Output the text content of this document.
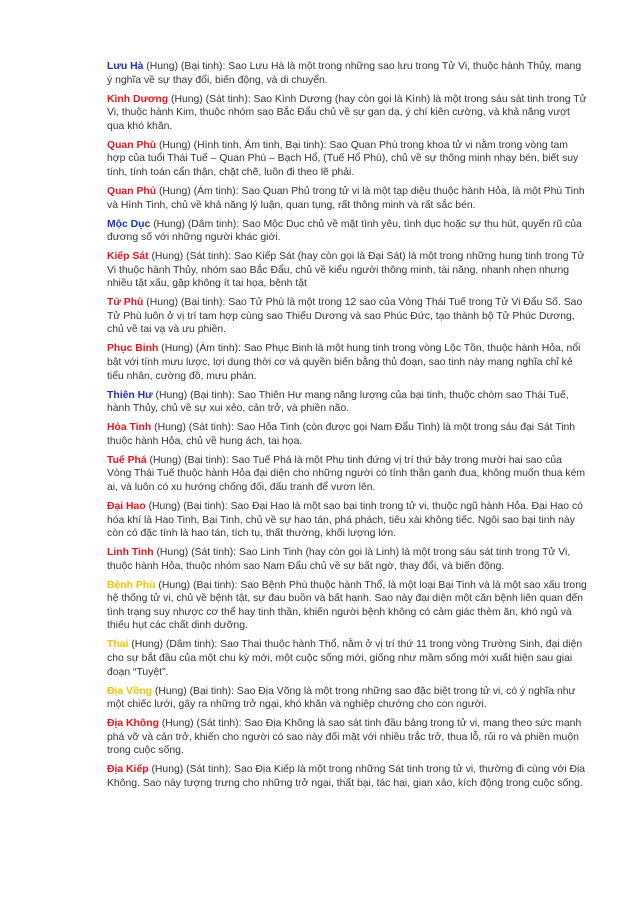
Lưu Hà (Hung) (Bại tinh): Sao Lưu Hà là một trong những sao lưu trong Tử Vi, thuộc hành Thủy, mang ý nghĩa về sự thay đổi, biến động, và di chuyển.

Kình Dương (Hung) (Sát tinh): Sao Kình Dương (hay còn gọi là Kình) là một trong sáu sát tinh trong Tử Vi, thuộc hành Kim, thuộc nhóm sao Bắc Đẩu chủ về sự gan dạ, ý chí kiên cường, và khả năng vượt qua khó khăn.

Quan Phù (Hung) (Hình tinh, Ám tinh, Bại tinh): Sao Quan Phù trong khoa tử vi nằm trong vòng tam hợp của tuổi Thái Tuế – Quan Phù – Bạch Hổ, (Tuế Hổ Phù), chủ về sự thông minh nhạy bén, biết suy tính, tính toán cẩn thận, chặt chẽ, luôn đi theo lẽ phải.

Quan Phủ (Hung) (Ám tinh): Sao Quan Phủ trong tử vi là một tạp diệu thuộc hành Hỏa, là một Phù Tinh và Hình Tinh, chủ về khả năng lý luận, quan tụng, rất thông minh và rất sắc bén.

Mộc Dục (Hung) (Dâm tinh): Sao Mộc Dục chủ về mặt tình yêu, tình dục hoặc sự thu hút, quyến rũ của đương số với những người khác giới.

Kiếp Sát (Hung) (Sát tinh): Sao Kiếp Sát (hay còn gọi là Đại Sát) là một trong những hung tinh trong Tử Vi thuộc hành Thủy, nhóm sao Bắc Đẩu, chủ về kiểu người thông minh, tài năng, nhanh nhẹn nhưng nhiều tật xấu, gặp không ít tai họa, bệnh tật

Tử Phù (Hung) (Bại tinh): Sao Tử Phù là một trong 12 sao của Vòng Thái Tuế trong Tử Vi Đẩu Số. Sao Tử Phù luôn ở vị trí tam hợp cùng sao Thiếu Dương và sao Phúc Đức, tạo thành bộ Tử Phúc Dương, chủ về tai vạ và ưu phiền.

Phục Binh (Hung) (Ám tinh): Sao Phục Binh là một hung tinh trong vòng Lộc Tồn, thuộc hành Hỏa, nổi bật với tính mưu lược, lợi dụng thời cơ và quyền biến bằng thủ đoạn, sao tinh này mang nghĩa chỉ kẻ tiểu nhân, cường đồ, mưu phản.

Thiên Hư (Hung) (Bại tinh): Sao Thiên Hư mang năng lượng của bại tinh, thuộc chòm sao Thái Tuế, hành Thủy, chủ về sự xui xẻo, cản trở, và phiền não.

Hỏa Tinh (Hung) (Sát tinh): Sao Hỏa Tinh (còn được gọi Nam Đẩu Tinh) là một trong sáu đại Sát Tinh thuộc hành Hỏa, chủ về hung ách, tai họa.

Tuế Phá (Hung) (Bại tinh): Sao Tuế Phá là một Phụ tinh đứng vị trí thứ bảy trong mười hai sao của Vòng Thái Tuế thuộc hành Hỏa đại diện cho những người có tính thần ganh đua, không muốn thua kém ai, và luôn có xu hướng chống đối, đấu tranh để vươn lên.

Đại Hao (Hung) (Bại tinh): Sao Đại Hao là một sao bại tinh trong tử vi, thuộc ngũ hành Hỏa. Đại Hao có hóa khí là Hao Tinh, Bại Tinh, chủ về sự hao tán, phá phách, tiêu xài không tiếc. Ngôi sao bại tinh này còn có đặc tính là hao tán, tích tụ, thất thường, khối lượng lớn.

Linh Tinh (Hung) (Sát tinh): Sao Linh Tinh (hay còn gọi là Linh) là một trong sáu sát tinh trong Tử Vi, thuộc hành Hỏa, thuộc nhóm sao Nam Đẩu chủ về sự bất ngờ, thay đổi, và biến động.

Bệnh Phù (Hung) (Bại tinh): Sao Bệnh Phù thuộc hành Thổ, là một loại Bại Tinh và là một sao xấu trong hệ thống tử vi, chủ về bệnh tật, sự đau buồn và bất hạnh. Sao này đại diện một căn bệnh liên quan đến tình trạng suy nhược cơ thể hay tinh thần, khiến người bệnh không có cảm giác thèm ăn, khó ngủ và thiếu hụt các chất dinh dưỡng.

Thai (Hung) (Dâm tinh): Sao Thai thuộc hành Thổ, nằm ở vị trí thứ 11 trong vòng Trường Sinh, đại diện cho sự bắt đầu của một chu kỳ mới, một cuộc sống mới, giống như mầm sống mới xuất hiện sau giai đoạn “Tuyệt”.

Địa Võng (Hung) (Bại tinh): Sao Địa Võng là một trong những sao đặc biệt trong tử vi, có ý nghĩa như một chiếc lưới, gây ra những trở ngại, khó khăn và nghiệp chướng cho con người.

Địa Không (Hung) (Sát tinh): Sao Địa Không là sao sát tinh đầu bảng trong tử vi, mang theo sức mạnh phá vỡ và cản trở, khiến cho người có sao này đối mặt với nhiều trắc trở, thua lỗ, rủi ro và phiền muộn trong cuộc sống.

Địa Kiếp (Hung) (Sát tinh): Sao Địa Kiếp là một trong những Sát tinh trong tử vi, thường đi cùng với Địa Không. Sao này tượng trưng cho những trở ngại, thất bại, tác hại, gian xảo, kích động trong cuộc sống.
